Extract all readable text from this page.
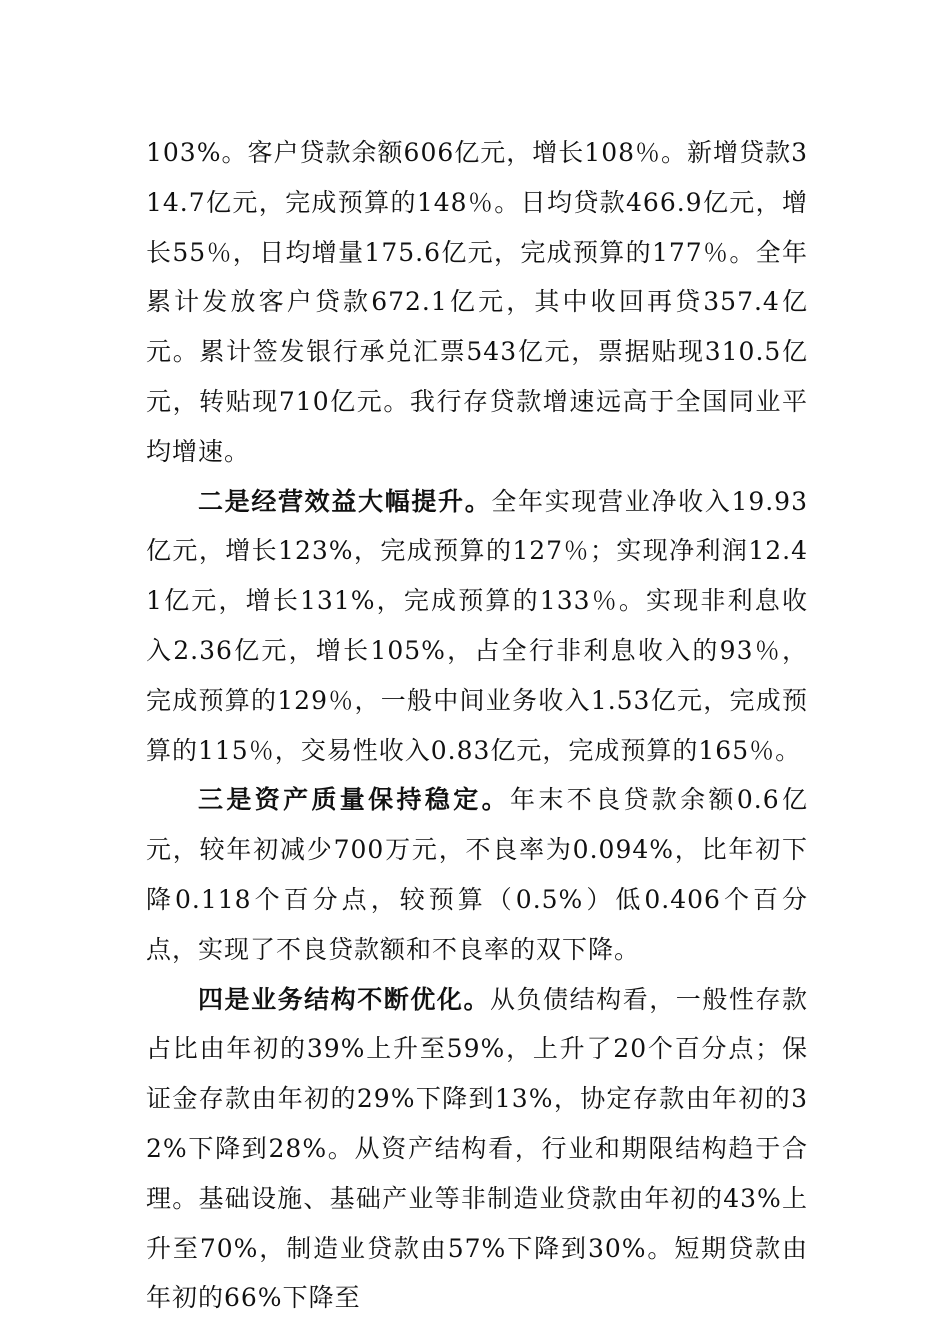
103%。客户贷款余额606亿元，增长108％。新增贷款314.7亿元，完成预算的148％。日均贷款466.9亿元，增长55％，日均增量175.6亿元，完成预算的177％。全年累计发放客户贷款672.1亿元，其中收回再贷357.4亿元。累计签发银行承兑汇票543亿元，票据贴现310.5亿元，转贴现710亿元。我行存贷款增速远高于全国同业平均增速。

二是经营效益大幅提升。全年实现营业净收入19.93亿元，增长123%，完成预算的127％；实现净利润12.41亿元，增长131%，完成预算的133％。实现非利息收入2.36亿元，增长105%，占全行非利息收入的93％，完成预算的129％，一般中间业务收入1.53亿元，完成预算的115％，交易性收入0.83亿元，完成预算的165％。

三是资产质量保持稳定。年末不良贷款余额0.6亿元，较年初减少700万元，不良率为0.094%，比年初下降0.118个百分点，较预算（0.5%）低0.406个百分点，实现了不良贷款额和不良率的双下降。

四是业务结构不断优化。从负债结构看，一般性存款占比由年初的39%上升至59%，上升了20个百分点；保证金存款由年初的29%下降到13%，协定存款由年初的32%下降到28%。从资产结构看，行业和期限结构趋于合理。基础设施、基础产业等非制造业贷款由年初的43%上升至70%，制造业贷款由57%下降到30%。短期贷款由年初的66%下降至
